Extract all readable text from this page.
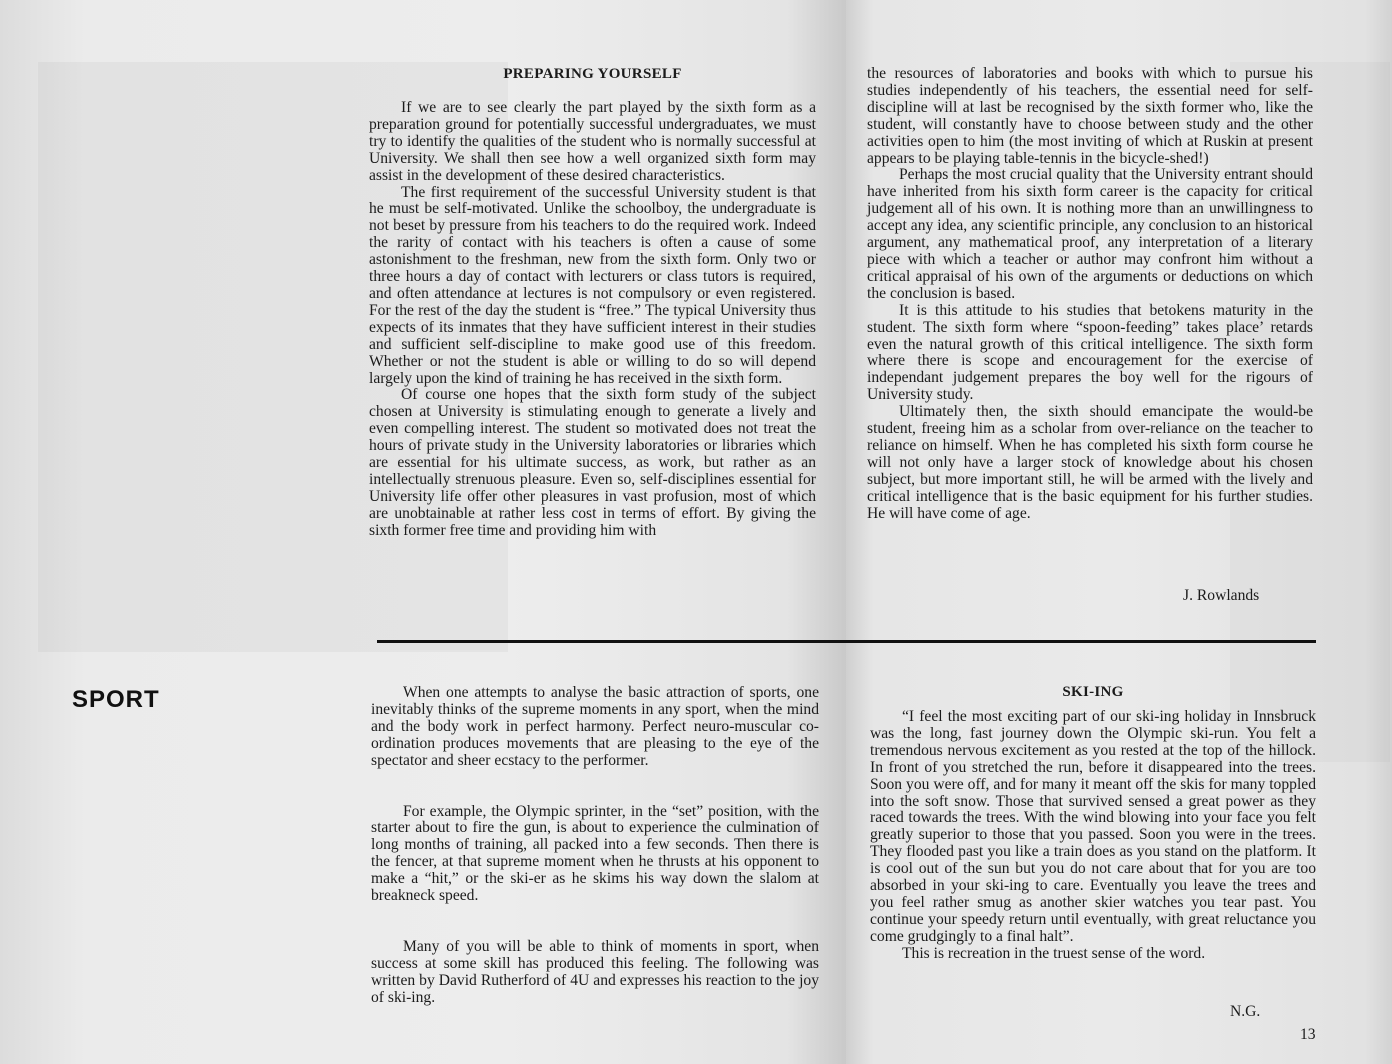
PREPARING YOURSELF

If we are to see clearly the part played by the sixth form as a preparation ground for potentially successful undergraduates, we must try to identify the qualities of the student who is normally successful at University. We shall then see how a well organized sixth form may assist in the development of these desired characteristics.

The first requirement of the successful University student is that he must be self-motivated. Unlike the schoolboy, the undergraduate is not beset by pressure from his teachers to do the required work. Indeed the rarity of contact with his teachers is often a cause of some astonishment to the freshman, new from the sixth form. Only two or three hours a day of contact with lecturers or class tutors is required, and often attendance at lectures is not compulsory or even registered. For the rest of the day the student is “free.” The typical University thus expects of its inmates that they have sufficient interest in their studies and sufficient self-discipline to make good use of this freedom. Whether or not the student is able or willing to do so will depend largely upon the kind of training he has received in the sixth form.

Of course one hopes that the sixth form study of the subject chosen at University is stimulating enough to generate a lively and even compelling interest. The student so motivated does not treat the hours of private study in the University laboratories or libraries which are essential for his ultimate success, as work, but rather as an intellectually strenuous pleasure. Even so, self-disciplines essential for University life offer other pleasures in vast profusion, most of which are unobtainable at rather less cost in terms of effort. By giving the sixth former free time and providing him with

the resources of laboratories and books with which to pursue his studies independently of his teachers, the essential need for self-discipline will at last be recognised by the sixth former who, like the student, will constantly have to choose between study and the other activities open to him (the most inviting of which at Ruskin at present appears to be playing table-tennis in the bicycle-shed!)

Perhaps the most crucial quality that the University entrant should have inherited from his sixth form career is the capacity for critical judgement all of his own. It is nothing more than an unwillingness to accept any idea, any scientific principle, any conclusion to an historical argument, any mathematical proof, any interpretation of a literary piece with which a teacher or author may confront him without a critical appraisal of his own of the arguments or deductions on which the conclusion is based.

It is this attitude to his studies that betokens maturity in the student. The sixth form where “spoon-feeding” takes place’ retards even the natural growth of this critical intelligence. The sixth form where there is scope and encouragement for the exercise of independant judgement prepares the boy well for the rigours of University study.

Ultimately then, the sixth should emancipate the would-be student, freeing him as a scholar from over-reliance on the teacher to reliance on himself. When he has completed his sixth form course he will not only have a larger stock of knowledge about his chosen subject, but more important still, he will be armed with the lively and critical intelligence that is the basic equipment for his further studies. He will have come of age.

J. Rowlands
SPORT	When one attempts to analyse the basic attraction of sports, one inevitably thinks of the supreme moments in any sport, when the mind and the body work in perfect harmony. Perfect neuro-muscular co-ordination produces movements that are pleasing to the eye of the spectator and sheer ecstacy to the performer.

For example, the Olympic sprinter, in the “set” position, with the starter about to fire the gun, is about to experience the culmination of long months of training, all packed into a few seconds. Then there is the fencer, at that supreme moment when he thrusts at his opponent to make a “hit,” or the ski-er as he skims his way down the slalom at breakneck speed.

Many of you will be able to think of moments in sport, when success at some skill has produced this feeling. The following was written by David Rutherford of 4U and expresses his reaction to the joy of ski-ing.

SKI-ING

“I feel the most exciting part of our ski-ing holiday in Innsbruck was the long, fast journey down the Olympic ski-run. You felt a tremendous nervous excitement as you rested at the top of the hillock. In front of you stretched the run, before it disappeared into the trees. Soon you were off, and for many it meant off the skis for many toppled into the soft snow. Those that survived sensed a great power as they raced towards the trees. With the wind blowing into your face you felt greatly superior to those that you passed. Soon you were in the trees. They flooded past you like a train does as you stand on the platform. It is cool out of the sun but you do not care about that for you are too absorbed in your ski-ing to care. Eventually you leave the trees and you feel rather smug as another skier watches you tear past. You continue your speedy return until eventually, with great reluctance you come grudgingly to a final halt”.

This is recreation in the truest sense of the word.

N.G.
13
